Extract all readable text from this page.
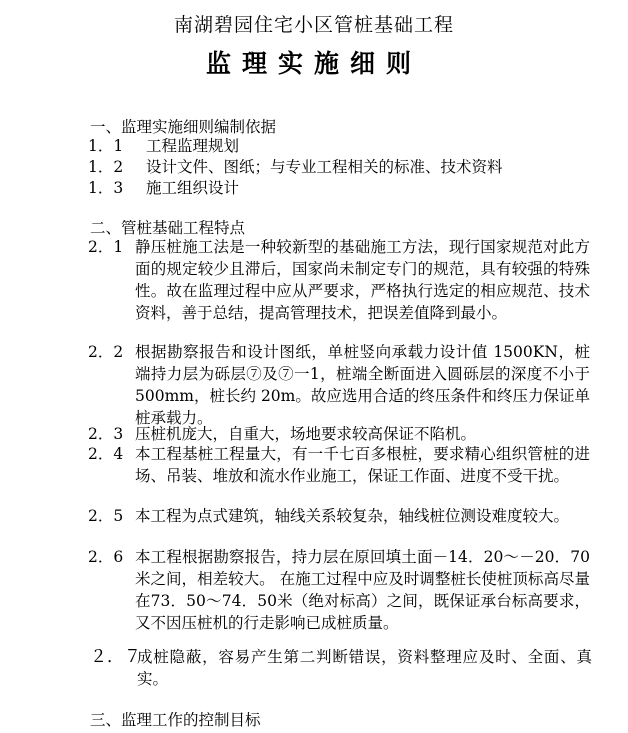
南湖碧园住宅小区管桩基础工程
监理实施细则
一、监理实施细则编制依据
1．1	工程监理规划
1．2	设计文件、图纸；与专业工程相关的标准、技术资料
1．3	施工组织设计
二、管桩基础工程特点
2．1 静压桩施工法是一种较新型的基础施工方法，现行国家规范对此方面的规定较少且滞后，国家尚未制定专门的规范，具有较强的特殊性。故在监理过程中应从严要求，严格执行选定的相应规范、技术资料，善于总结，提高管理技术，把误差值降到最小。
2．2 根据勘察报告和设计图纸，单桩竖向承载力设计值 1500KN，桩端持力层为砾层⑦及⑦一1，桩端全断面进入圆砾层的深度不小于 500mm，桩长约 20m。故应选用合适的终压条件和终压力保证单桩承载力。
2．3 压桩机庞大，自重大，场地要求较高保证不陷机。
2．4 本工程基桩工程量大，有一千七百多根桩，要求精心组织管桩的进场、吊装、堆放和流水作业施工，保证工作面、进度不受干扰。
2．5 本工程为点式建筑，轴线关系较复杂，轴线桩位测设难度较大。
2．6 本工程根据勘察报告，持力层在原回填土面－14．20～－20．70米之间，相差较大。 在施工过程中应及时调整桩长使桩顶标高尽量在73．50～74．50米（绝对标高）之间，既保证承台标高要求，又不因压桩机的行走影响已成桩质量。
２．７
成桩隐蔽，容易产生第二判断错误，资料整理应及时、全面、真实。
三、监理工作的控制目标
